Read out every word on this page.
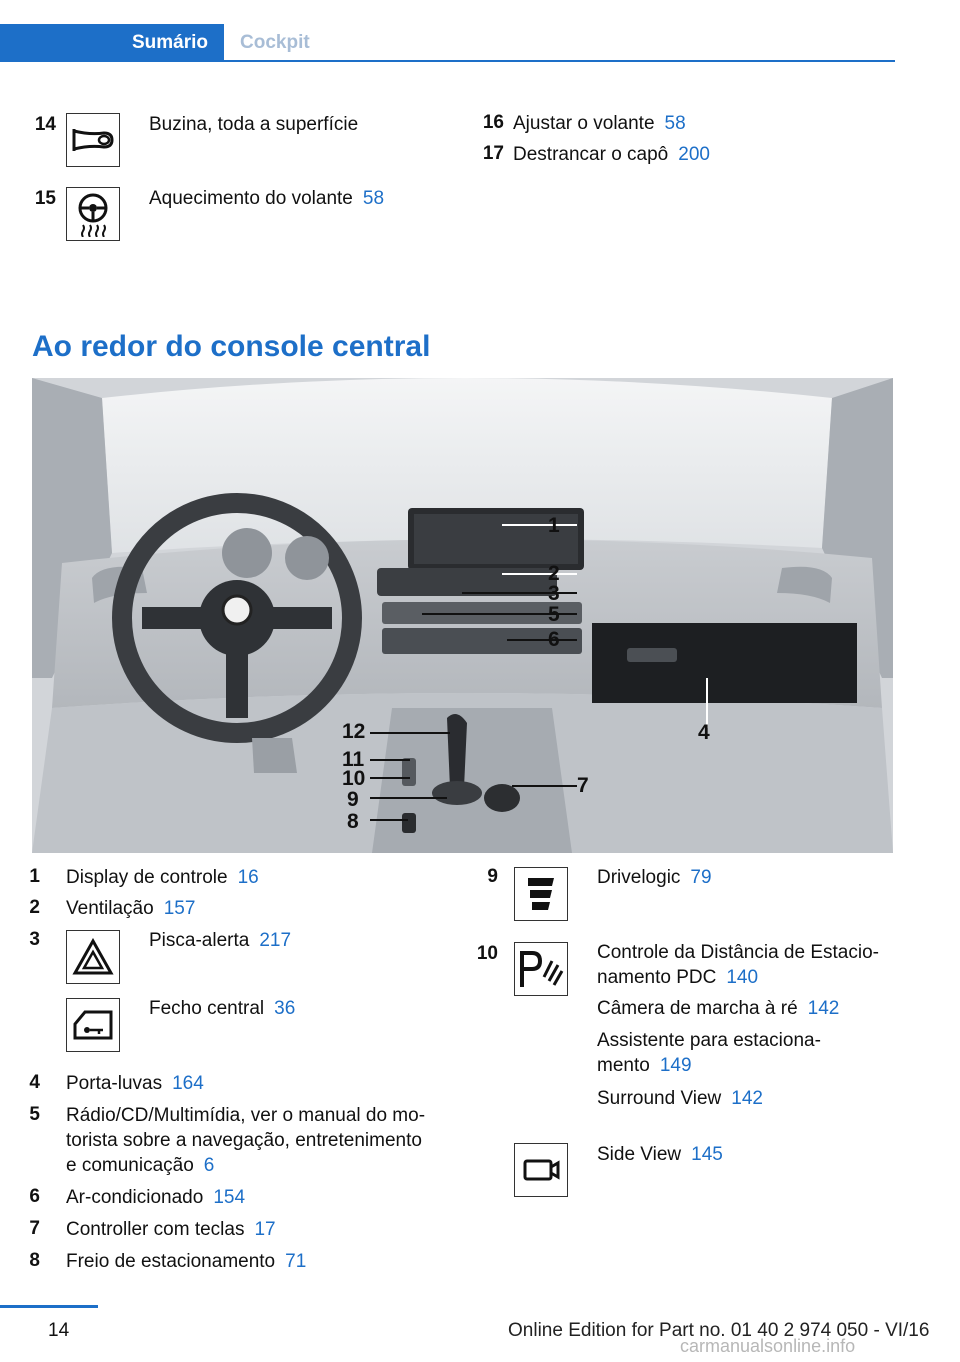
Sumário	Cockpit
14	Buzina, toda a superfície
15	Aquecimento do volante 58
16 Ajustar o volante 58
17 Destrancar o capô 200
Ao redor do console central
1
2
3
5
6
4
12
11
10
9
8
7
1 Display de controle 16
2 Ventilação 157
3	Pisca-alerta 217
Fecho central 36
4 Porta-luvas 164
5 Rádio/CD/Multimídia, ver o manual do mo-
torista sobre a navegação, entretenimento
e comunicação 6
6 Ar-condicionado 154
7 Controller com teclas 17
8 Freio de estacionamento 71
9	Drivelogic 79
10	Controle da Distância de Estacio-
namento PDC 140
Câmera de marcha à ré 142
Assistente para estaciona-
mento 149
Surround View 142
Side View 145
14	Online Edition for Part no. 01 40 2 974 050 - VI/16
carmanualsonline.info
